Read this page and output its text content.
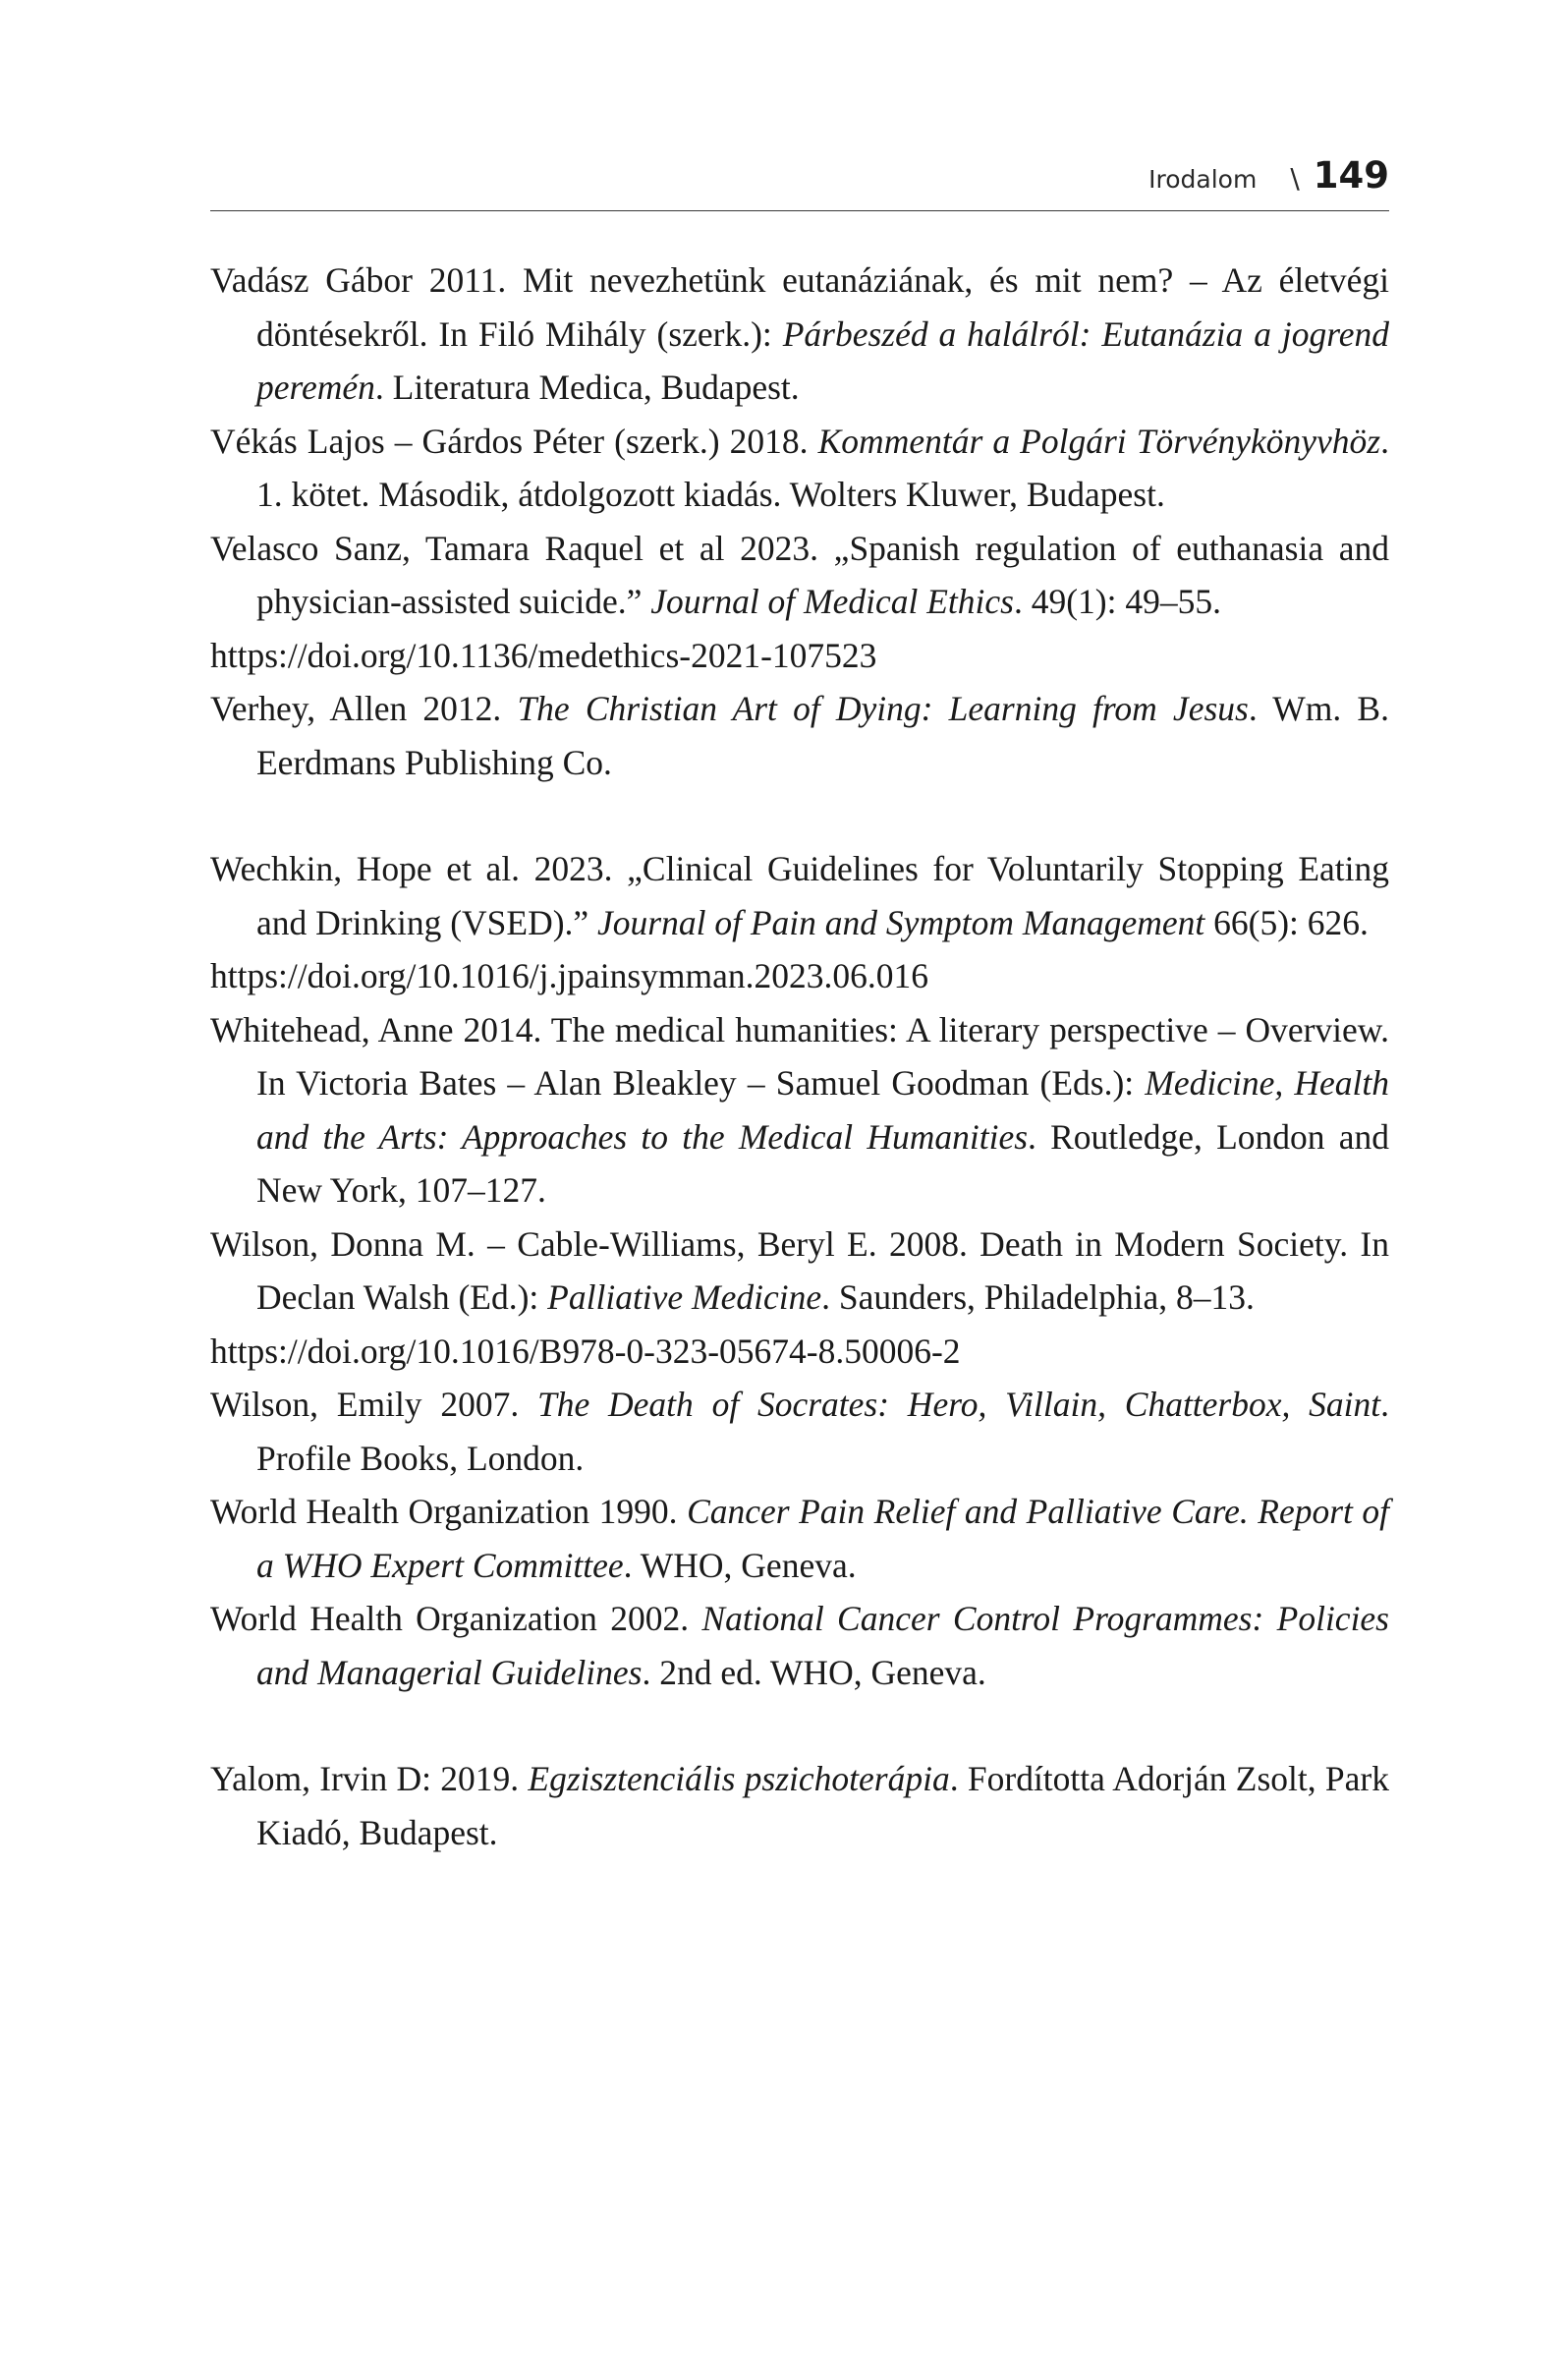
Irodalom \ 149

Vadász Gábor 2011. Mit nevezhetünk eutanáziának, és mit nem? – Az életvégi döntésekről. In Filó Mihály (szerk.): Párbeszéd a halálról: Eutanázia a jogrend peremén. Literatura Medica, Budapest.

Vékás Lajos – Gárdos Péter (szerk.) 2018. Kommentár a Polgári Törvénykönyvhöz. 1. kötet. Második, átdolgozott kiadás. Wolters Kluwer, Budapest.

Velasco Sanz, Tamara Raquel et al 2023. „Spanish regulation of euthanasia and physician-assisted suicide.” Journal of Medical Ethics. 49(1): 49–55.
https://doi.org/10.1136/medethics-2021-107523

Verhey, Allen 2012. The Christian Art of Dying: Learning from Jesus. Wm. B. Eerdmans Publishing Co.

Wechkin, Hope et al. 2023. „Clinical Guidelines for Voluntarily Stopping Eating and Drinking (VSED).” Journal of Pain and Symptom Management 66(5): 626.
https://doi.org/10.1016/j.jpainsymman.2023.06.016

Whitehead, Anne 2014. The medical humanities: A literary perspective – Overview. In Victoria Bates – Alan Bleakley – Samuel Goodman (Eds.): Medicine, Health and the Arts: Approaches to the Medical Humanities. Routledge, London and New York, 107–127.

Wilson, Donna M. – Cable-Williams, Beryl E. 2008. Death in Modern Society. In Declan Walsh (Ed.): Palliative Medicine. Saunders, Philadelphia, 8–13.
https://doi.org/10.1016/B978-0-323-05674-8.50006-2

Wilson, Emily 2007. The Death of Socrates: Hero, Villain, Chatterbox, Saint. Profile Books, London.

World Health Organization 1990. Cancer Pain Relief and Palliative Care. Report of a WHO Expert Committee. WHO, Geneva.

World Health Organization 2002. National Cancer Control Programmes: Policies and Managerial Guidelines. 2nd ed. WHO, Geneva.

Yalom, Irvin D: 2019. Egzisztenciális pszichoterápia. Fordította Adorján Zsolt, Park Kiadó, Budapest.
